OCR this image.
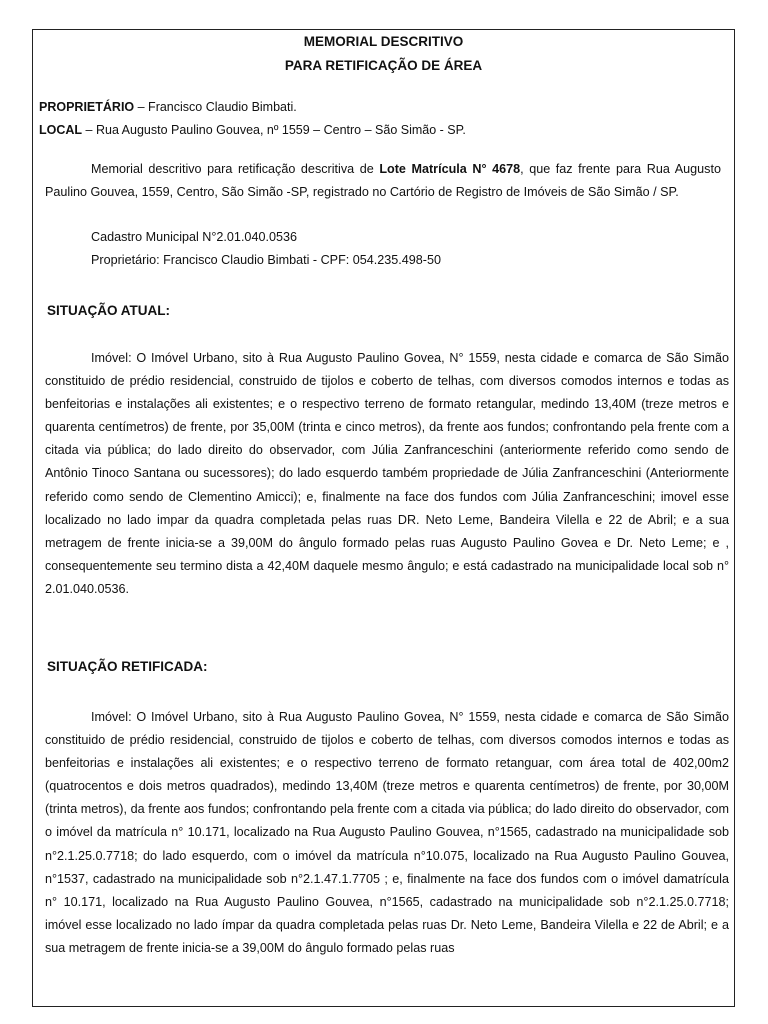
MEMORIAL DESCRITIVO

PARA RETIFICAÇÃO DE ÁREA

PROPRIETÁRIO – Francisco Claudio Bimbati.

LOCAL – Rua Augusto Paulino Gouvea, nº 1559 – Centro – São Simão - SP.

Memorial descritivo para retificação descritiva de Lote Matrícula N° 4678, que faz frente para Rua Augusto Paulino Gouvea, 1559, Centro, São Simão -SP, registrado no Cartório de Registro de Imóveis de São Simão / SP.

Cadastro Municipal N°2.01.040.0536

Proprietário: Francisco Claudio Bimbati - CPF: 054.235.498-50

SITUAÇÃO ATUAL:

Imóvel: O Imóvel Urbano, sito à Rua Augusto Paulino Govea, N° 1559, nesta cidade e comarca de São Simão constituido de prédio residencial, construido de tijolos e coberto de telhas, com diversos comodos internos e todas as benfeitorias e instalações ali existentes; e o respectivo terreno de formato retangular, medindo 13,40M (treze metros e quarenta centímetros) de frente, por 35,00M (trinta e cinco metros), da frente aos fundos; confrontando pela frente com a citada via pública; do lado direito do observador, com Júlia Zanfranceschini (anteriormente referido como sendo de Antônio Tinoco Santana ou sucessores); do lado esquerdo também propriedade de Júlia Zanfranceschini (Anteriormente referido como sendo de Clementino Amicci); e, finalmente na face dos fundos com Júlia Zanfranceschini; imovel esse localizado no lado impar da quadra completada pelas ruas DR. Neto Leme, Bandeira Vilella e 22 de Abril; e a sua metragem de frente inicia-se a 39,00M do ângulo formado pelas ruas Augusto Paulino Govea e Dr. Neto Leme; e , consequentemente seu termino dista a 42,40M daquele mesmo ângulo; e está cadastrado na municipalidade local sob n° 2.01.040.0536.

SITUAÇÃO RETIFICADA:

Imóvel: O Imóvel Urbano, sito à Rua Augusto Paulino Govea, N° 1559, nesta cidade e comarca de São Simão constituido de prédio residencial, construido de tijolos e coberto de telhas, com diversos comodos internos e todas as benfeitorias e instalações ali existentes; e o respectivo terreno de formato retanguar, com área total de 402,00m2 (quatrocentos e dois metros quadrados), medindo 13,40M (treze metros e quarenta centímetros) de frente, por 30,00M (trinta metros), da frente aos fundos; confrontando pela frente com a citada via pública; do lado direito do observador, com o imóvel da matrícula n° 10.171, localizado na Rua Augusto Paulino Gouvea, n°1565, cadastrado na municipalidade sob n°2.1.25.0.7718; do lado esquerdo, com o imóvel da matrícula n°10.075, localizado na Rua Augusto Paulino Gouvea, n°1537, cadastrado na municipalidade sob n°2.1.47.1.7705 ; e, finalmente na face dos fundos com o imóvel damatrícula n° 10.171, localizado na Rua Augusto Paulino Gouvea, n°1565, cadastrado na municipalidade sob n°2.1.25.0.7718; imóvel esse localizado no lado ímpar da quadra completada pelas ruas Dr. Neto Leme, Bandeira Vilella e 22 de Abril; e a sua metragem de frente inicia-se a 39,00M do ângulo formado pelas ruas
